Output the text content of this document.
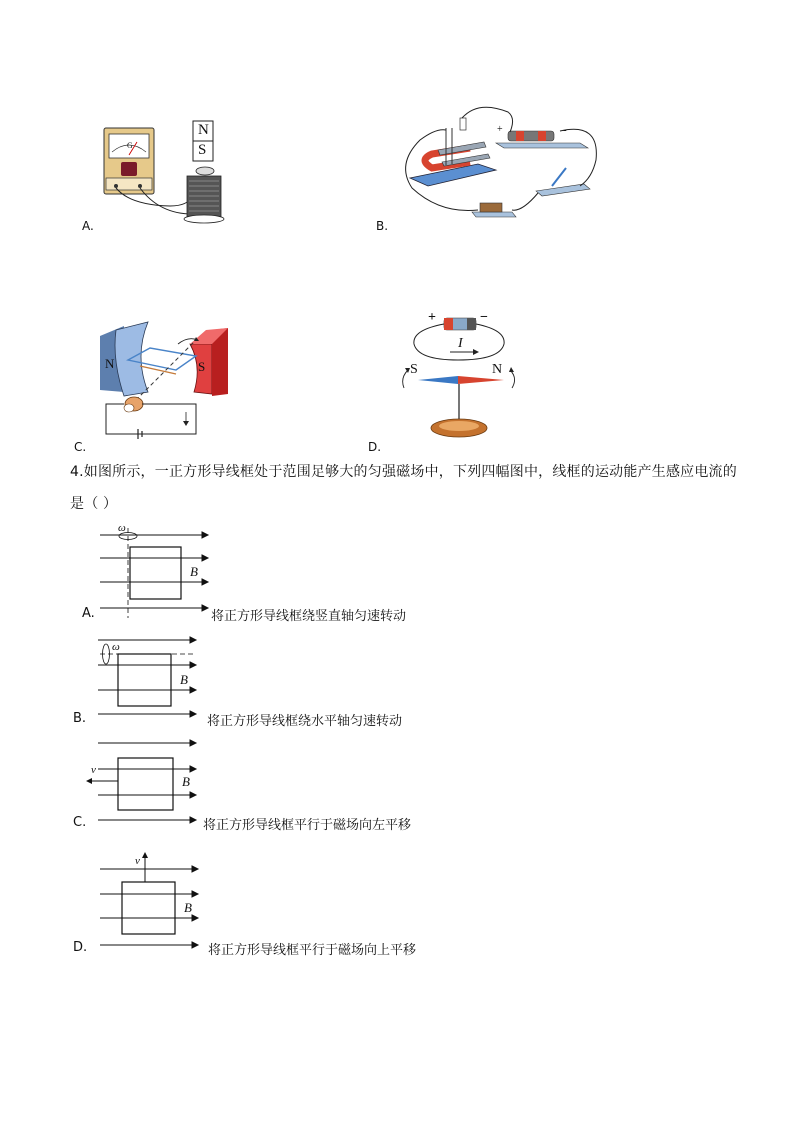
G
N
S
A.
+	-
B.
N	S
C.
+	−
I
S	N
D.
4.如图所示，一正方形导线框处于范围足够大的匀强磁场中，下列四幅图中，线框的运动能产生感应电流的
是（ ）
ω
B
A.	将正方形导线框绕竖直轴匀速转动
ω
B
B.	将正方形导线框绕水平轴匀速转动
v
B
C.	将正方形导线框平行于磁场向左平移
v
B
D.	将正方形导线框平行于磁场向上平移
